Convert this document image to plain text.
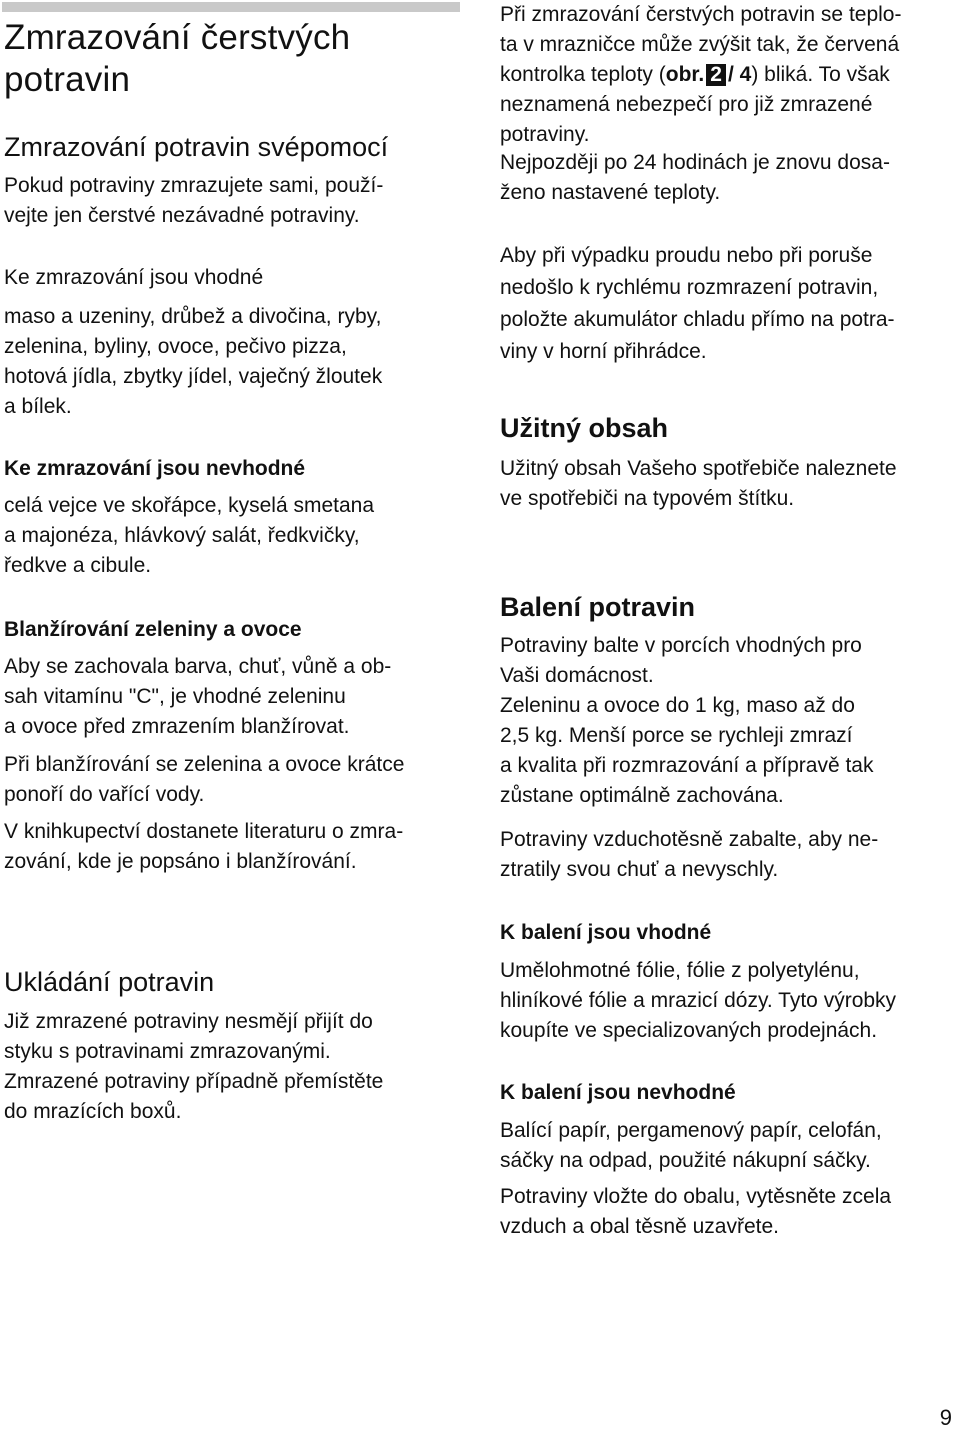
Zmrazování čerstvých
potravin
Zmrazování potravin svépomocí

Pokud potraviny zmrazujete sami, použí-
vejte jen čerstvé nezávadné potraviny.

Ke zmrazování jsou vhodné

maso a uzeniny, drůbež a divočina, ryby,
zelenina, byliny, ovoce, pečivo pizza,
hotová jídla, zbytky jídel, vaječný žloutek
a bílek.

Ke zmrazování jsou nevhodné

celá vejce ve skořápce, kyselá smetana
a majonéza, hlávkový salát, ředkvičky,
ředkve a cibule.

Blanžírování zeleniny a ovoce

Aby se zachovala barva, chuť, vůně a ob-
sah vitamínu "C", je vhodné zeleninu
a ovoce před zmrazením blanžírovat.

Při blanžírování se zelenina a ovoce krátce
ponoří do vařící vody.

V knihkupectví dostanete literaturu o zmra-
zování, kde je popsáno i blanžírování.

Ukládání potravin

Již zmrazené potraviny nesmějí přijít do
styku s potravinami zmrazovanými.
Zmrazené potraviny případně přemístěte
do mrazících boxů.

Při zmrazování čerstvých potravin se teplo-
ta v mrazničce může zvýšit tak, že červená
kontrolka teploty (obr. 2 / 4) bliká. To však
neznamená nebezpečí pro již zmrazené
potraviny.

Nejpozději po 24 hodinách je znovu dosa-
ženo nastavené teploty.

Aby při výpadku proudu nebo při poruše
nedošlo k rychlému rozmrazení potravin,
položte akumulátor chladu přímo na potra-
viny v horní přihrádce.

Užitný obsah

Užitný obsah Vašeho spotřebiče naleznete
ve spotřebiči na typovém štítku.

Balení potravin

Potraviny balte v porcích vhodných pro
Vaši domácnost.
Zeleninu a ovoce do 1 kg, maso až do
2,5 kg. Menší porce se rychleji zmrazí
a kvalita při rozmrazování a přípravě tak
zůstane optimálně zachována.

Potraviny vzduchotěsně zabalte, aby ne-
ztratily svou chuť a nevyschly.

K balení jsou vhodné

Umělohmotné fólie, fólie z polyetylénu,
hliníkové fólie a mrazicí dózy. Tyto výrobky
koupíte ve specializovaných prodejnách.

K balení jsou nevhodné

Balící papír, pergamenový papír, celofán,
sáčky na odpad, použité nákupní sáčky.

Potraviny vložte do obalu, vytěsněte zcela
vzduch a obal těsně uzavřete.

9
